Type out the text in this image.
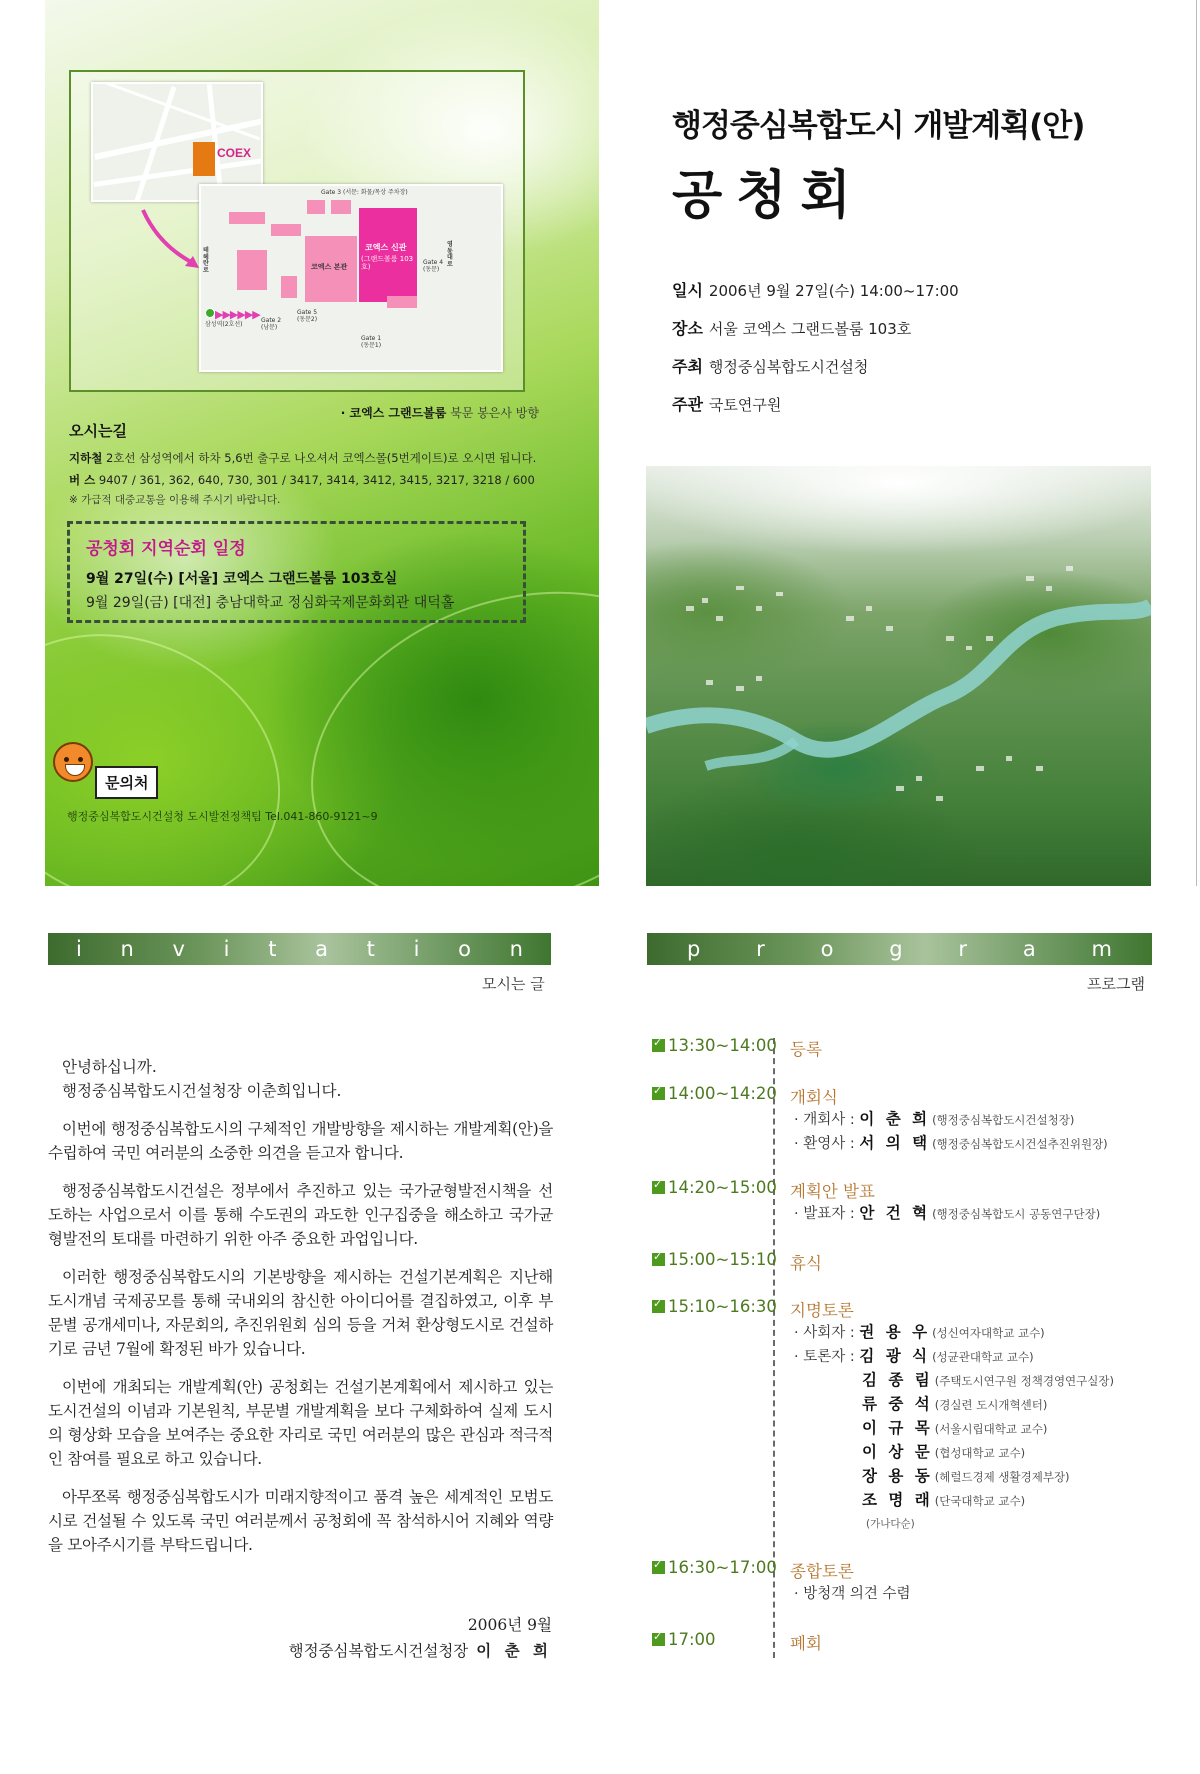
COEX
Gate 3 (서문: 화물/목상 주차장)
코엑스 본관
코엑스 신관
(그랜드볼룸 103호)
테헤란로
영동대로
Gate 4 (동문)
Gate 5 (동문2)
Gate 2 (남문)
Gate 1 (동문1)
삼성역(2호선)
▶▶▶▶▶▶
· 코엑스 그랜드볼룸 북문 봉은사 방향
오시는길
지하철 2호선 삼성역에서 하차 5,6번 출구로 나오셔서 코엑스몰(5번게이트)로 오시면 됩니다.
버 스 9407 / 361, 362, 640, 730, 301 / 3417, 3414, 3412, 3415, 3217, 3218 / 600
※ 가급적 대중교통을 이용해 주시기 바랍니다.
공청회 지역순회 일정
9월 27일(수) [서울] 코엑스 그랜드볼룸 103호실
9월 29일(금) [대전] 충남대학교 정심화국제문화회관 대덕홀
문의처
행정중심복합도시건설청 도시발전정책팀 Tel.041-860-9121~9
행정중심복합도시 개발계획(안)
공청회
일시 2006년 9월 27일(수) 14:00~17:00
장소 서울 코엑스 그랜드볼룸 103호
주최 행정중심복합도시건설청
주관 국토연구원
i n v i t a t i o n
모시는 글
안녕하십니까.
행정중심복합도시건설청장 이춘희입니다.
이번에 행정중심복합도시의 구체적인 개발방향을 제시하는 개발계획(안)을 수립하여 국민 여러분의 소중한 의견을 듣고자 합니다.
행정중심복합도시건설은 정부에서 추진하고 있는 국가균형발전시책을 선도하는 사업으로서 이를 통해 수도권의 과도한 인구집중을 해소하고 국가균형발전의 토대를 마련하기 위한 아주 중요한 과업입니다.
이러한 행정중심복합도시의 기본방향을 제시하는 건설기본계획은 지난해 도시개념 국제공모를 통해 국내외의 참신한 아이디어를 결집하였고, 이후 부문별 공개세미나, 자문회의, 추진위원회 심의 등을 거쳐 환상형도시로 건설하기로 금년 7월에 확정된 바가 있습니다.
이번에 개최되는 개발계획(안) 공청회는 건설기본계획에서 제시하고 있는 도시건설의 이념과 기본원칙, 부문별 개발계획을 보다 구체화하여 실제 도시의 형상화 모습을 보여주는 중요한 자리로 국민 여러분의 많은 관심과 적극적인 참여를 필요로 하고 있습니다.
아무쪼록 행정중심복합도시가 미래지향적이고 품격 높은 세계적인 모범도시로 건설될 수 있도록 국민 여러분께서 공청회에 꼭 참석하시어 지혜와 역량을 모아주시기를 부탁드립니다.
2006년 9월
행정중심복합도시건설청장 이 춘 희
p	r	o	g	r	a	m
프로그램
✓13:30~14:00 등록
✓14:00~14:20 개회식
· 개회사 : 이 춘 희 (행정중심복합도시건설청장)
· 환영사 : 서 의 택 (행정중심복합도시건설추진위원장)
✓14:20~15:00 계획안 발표
· 발표자 : 안 건 혁 (행정중심복합도시 공동연구단장)
✓15:00~15:10 휴식
✓15:10~16:30 지명토론
· 사회자 : 권 용 우 (성신여자대학교 교수)
· 토론자 : 김 광 식 (성균관대학교 교수)
김 종 림 (주택도시연구원 정책경영연구실장)
류 중 석 (경실련 도시개혁센터)
이 규 목 (서울시립대학교 교수)
이 상 문 (협성대학교 교수)
장 용 동 (헤럴드경제 생활경제부장)
조 명 래 (단국대학교 교수)
(가나다순)
✓16:30~17:00 종합토론
· 방청객 의견 수렴
✓17:00	폐회
